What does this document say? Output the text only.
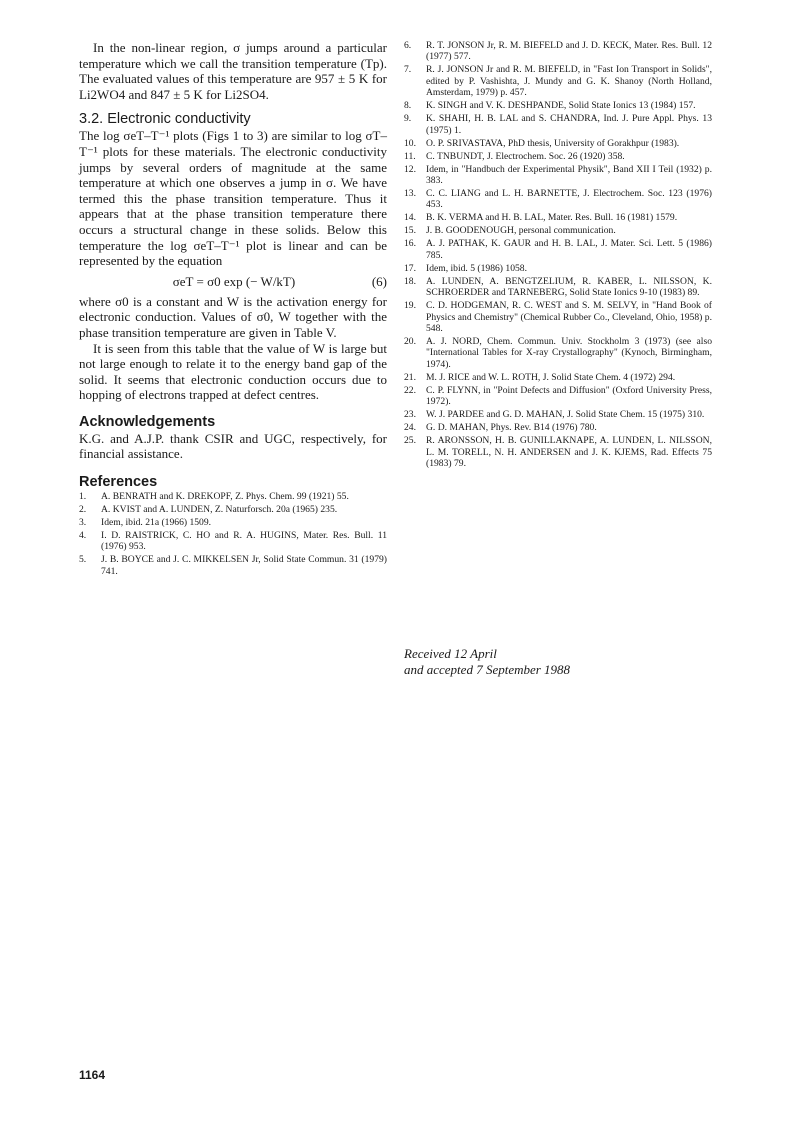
In the non-linear region, σ jumps around a particular temperature which we call the transition temperature (Tp). The evaluated values of this temperature are 957 ± 5 K for Li2WO4 and 847 ± 5 K for Li2SO4.

3.2. Electronic conductivity

The log σeT–T⁻¹ plots (Figs 1 to 3) are similar to log σT–T⁻¹ plots for these materials. The electronic conductivity jumps by several orders of magnitude at the same temperature at which one observes a jump in σ. We have termed this the phase transition temperature. Thus it appears that at the phase transition temperature there occurs a structural change in these solids. Below this temperature the log σeT–T⁻¹ plot is linear and can be represented by the equation

σeT = σ0 exp (− W/kT)	(6)

where σ0 is a constant and W is the activation energy for electronic conduction. Values of σ0, W together with the phase transition temperature are given in Table V.

It is seen from this table that the value of W is large but not large enough to relate it to the energy band gap of the solid. It seems that electronic conduction occurs due to hopping of electrons trapped at defect centres.

Acknowledgements

K.G. and A.J.P. thank CSIR and UGC, respectively, for financial assistance.

References
1.	A. BENRATH and K. DREKOPF, Z. Phys. Chem. 99 (1921) 55.
2.	A. KVIST and A. LUNDEN, Z. Naturforsch. 20a (1965) 235.
3.	Idem, ibid. 21a (1966) 1509.
4.	I. D. RAISTRICK, C. HO and R. A. HUGINS, Mater. Res. Bull. 11 (1976) 953.
5.	J. B. BOYCE and J. C. MIKKELSEN Jr, Solid State Commun. 31 (1979) 741.
6.	R. T. JONSON Jr, R. M. BIEFELD and J. D. KECK, Mater. Res. Bull. 12 (1977) 577.
7.	R. J. JONSON Jr and R. M. BIEFELD, in "Fast Ion Transport in Solids", edited by P. Vashishta, J. Mundy and G. K. Shanoy (North Holland, Amsterdam, 1979) p. 457.
8.	K. SINGH and V. K. DESHPANDE, Solid State Ionics 13 (1984) 157.
9.	K. SHAHI, H. B. LAL and S. CHANDRA, Ind. J. Pure Appl. Phys. 13 (1975) 1.
10.	O. P. SRIVASTAVA, PhD thesis, University of Gorakhpur (1983).
11.	C. TNBUNDT, J. Electrochem. Soc. 26 (1920) 358.
12.	Idem, in "Handbuch der Experimental Physik", Band XII I Teil (1932) p. 383.
13.	C. C. LIANG and L. H. BARNETTE, J. Electrochem. Soc. 123 (1976) 453.
14.	B. K. VERMA and H. B. LAL, Mater. Res. Bull. 16 (1981) 1579.
15.	J. B. GOODENOUGH, personal communication.
16.	A. J. PATHAK, K. GAUR and H. B. LAL, J. Mater. Sci. Lett. 5 (1986) 785.
17.	Idem, ibid. 5 (1986) 1058.
18.	A. LUNDEN, A. BENGTZELIUM, R. KABER, L. NILSSON, K. SCHROERDER and TARNEBERG, Solid State Ionics 9-10 (1983) 89.
19.	C. D. HODGEMAN, R. C. WEST and S. M. SELVY, in "Hand Book of Physics and Chemistry" (Chemical Rubber Co., Cleveland, Ohio, 1958) p. 548.
20.	A. J. NORD, Chem. Commun. Univ. Stockholm 3 (1973) (see also "International Tables for X-ray Crystallography" (Kynoch, Birmingham, 1974).
21.	M. J. RICE and W. L. ROTH, J. Solid State Chem. 4 (1972) 294.
22.	C. P. FLYNN, in "Point Defects and Diffusion" (Oxford University Press, 1972).
23.	W. J. PARDEE and G. D. MAHAN, J. Solid State Chem. 15 (1975) 310.
24.	G. D. MAHAN, Phys. Rev. B14 (1976) 780.
25.	R. ARONSSON, H. B. GUNILLAKNAPE, A. LUNDEN, L. NILSSON, L. M. TORELL, N. H. ANDERSEN and J. K. KJEMS, Rad. Effects 75 (1983) 79.
Received 12 April
and accepted 7 September 1988
1164
